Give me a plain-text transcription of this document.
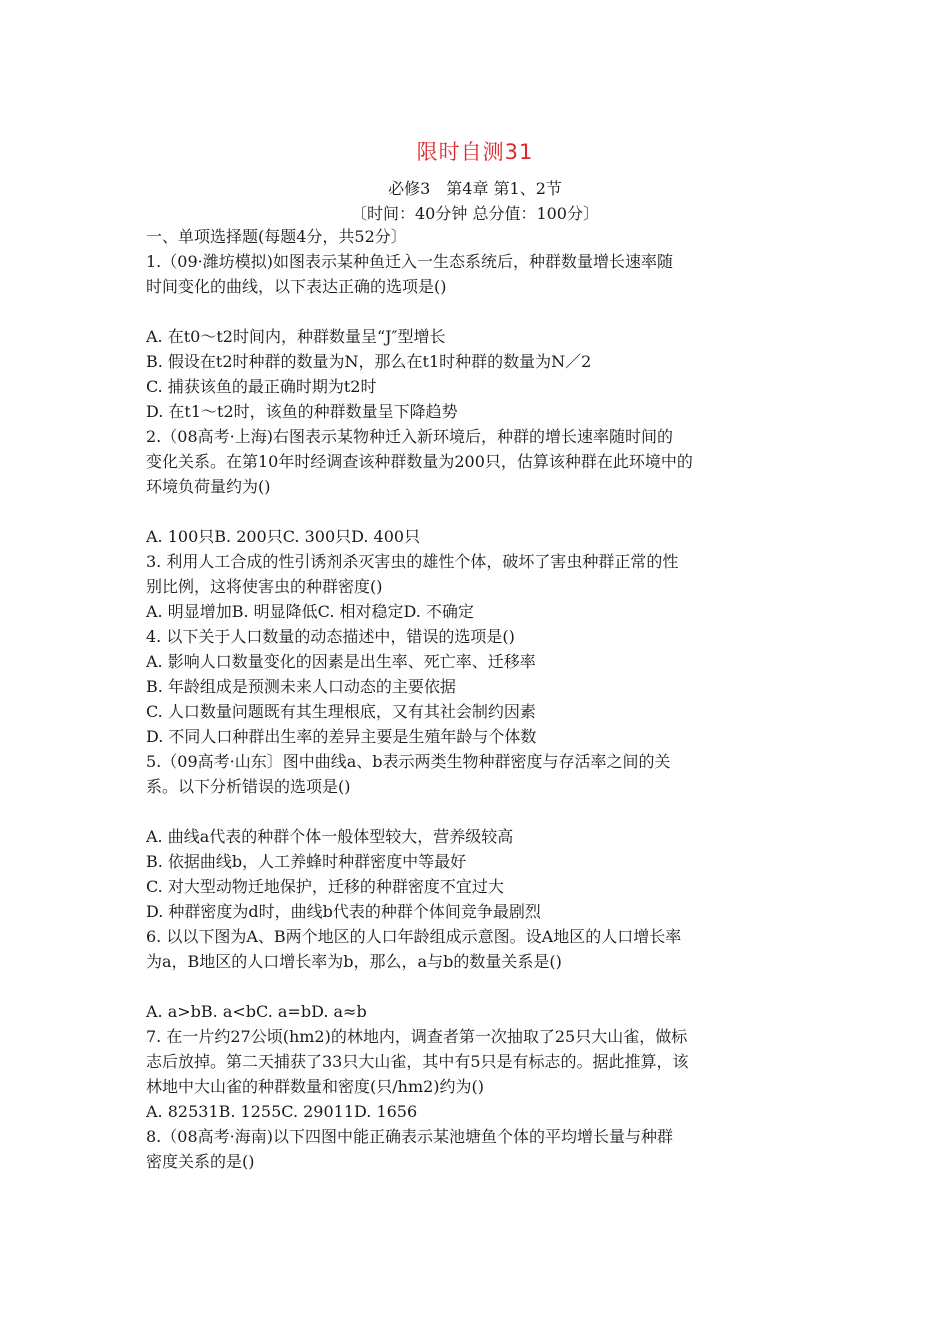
限时自测31
必修3　第4章 第1、2节
〔时间：40分钟 总分值：100分〕
一、单项选择题(每题4分，共52分〕
1.（09·潍坊模拟)如图表示某种鱼迁入一生态系统后，种群数量增长速率随
时间变化的曲线，以下表达正确的选项是()
A. 在t0～t2时间内，种群数量呈“J″型增长
B. 假设在t2时种群的数量为N，那么在t1时种群的数量为N／2
C. 捕获该鱼的最正确时期为t2时
D. 在t1～t2时，该鱼的种群数量呈下降趋势
2.（08高考·上海)右图表示某物种迁入新环境后，种群的增长速率随时间的
变化关系。在第10年时经调查该种群数量为200只，估算该种群在此环境中的
环境负荷量约为()
A. 100只B. 200只C. 300只D. 400只
3. 利用人工合成的性引诱剂杀灭害虫的雄性个体，破坏了害虫种群正常的性
别比例，这将使害虫的种群密度()
A. 明显增加B. 明显降低C. 相对稳定D. 不确定
4. 以下关于人口数量的动态描述中，错误的选项是()
A. 影响人口数量变化的因素是出生率、死亡率、迁移率
B. 年龄组成是预测未来人口动态的主要依据
C. 人口数量问题既有其生理根底，又有其社会制约因素
D. 不同人口种群出生率的差异主要是生殖年龄与个体数
5.（09高考·山东〕图中曲线a、b表示两类生物种群密度与存活率之间的关
系。以下分析错误的选项是()
A. 曲线a代表的种群个体一般体型较大，营养级较高
B. 依据曲线b，人工养蜂时种群密度中等最好
C. 对大型动物迁地保护，迁移的种群密度不宜过大
D. 种群密度为d时，曲线b代表的种群个体间竞争最剧烈
6. 以以下图为A、B两个地区的人口年龄组成示意图。设A地区的人口增长率
为a，B地区的人口增长率为b，那么，a与b的数量关系是()
A. a>bB. a<bC. a=bD. a≈b
7. 在一片约27公顷(hm2)的林地内，调查者第一次抽取了25只大山雀，做标
志后放掉。第二天捕获了33只大山雀，其中有5只是有标志的。据此推算，该
林地中大山雀的种群数量和密度(只/hm2)约为()
A. 82531B. 1255C. 29011D. 1656
8.（08高考·海南)以下四图中能正确表示某池塘鱼个体的平均增长量与种群
密度关系的是()
